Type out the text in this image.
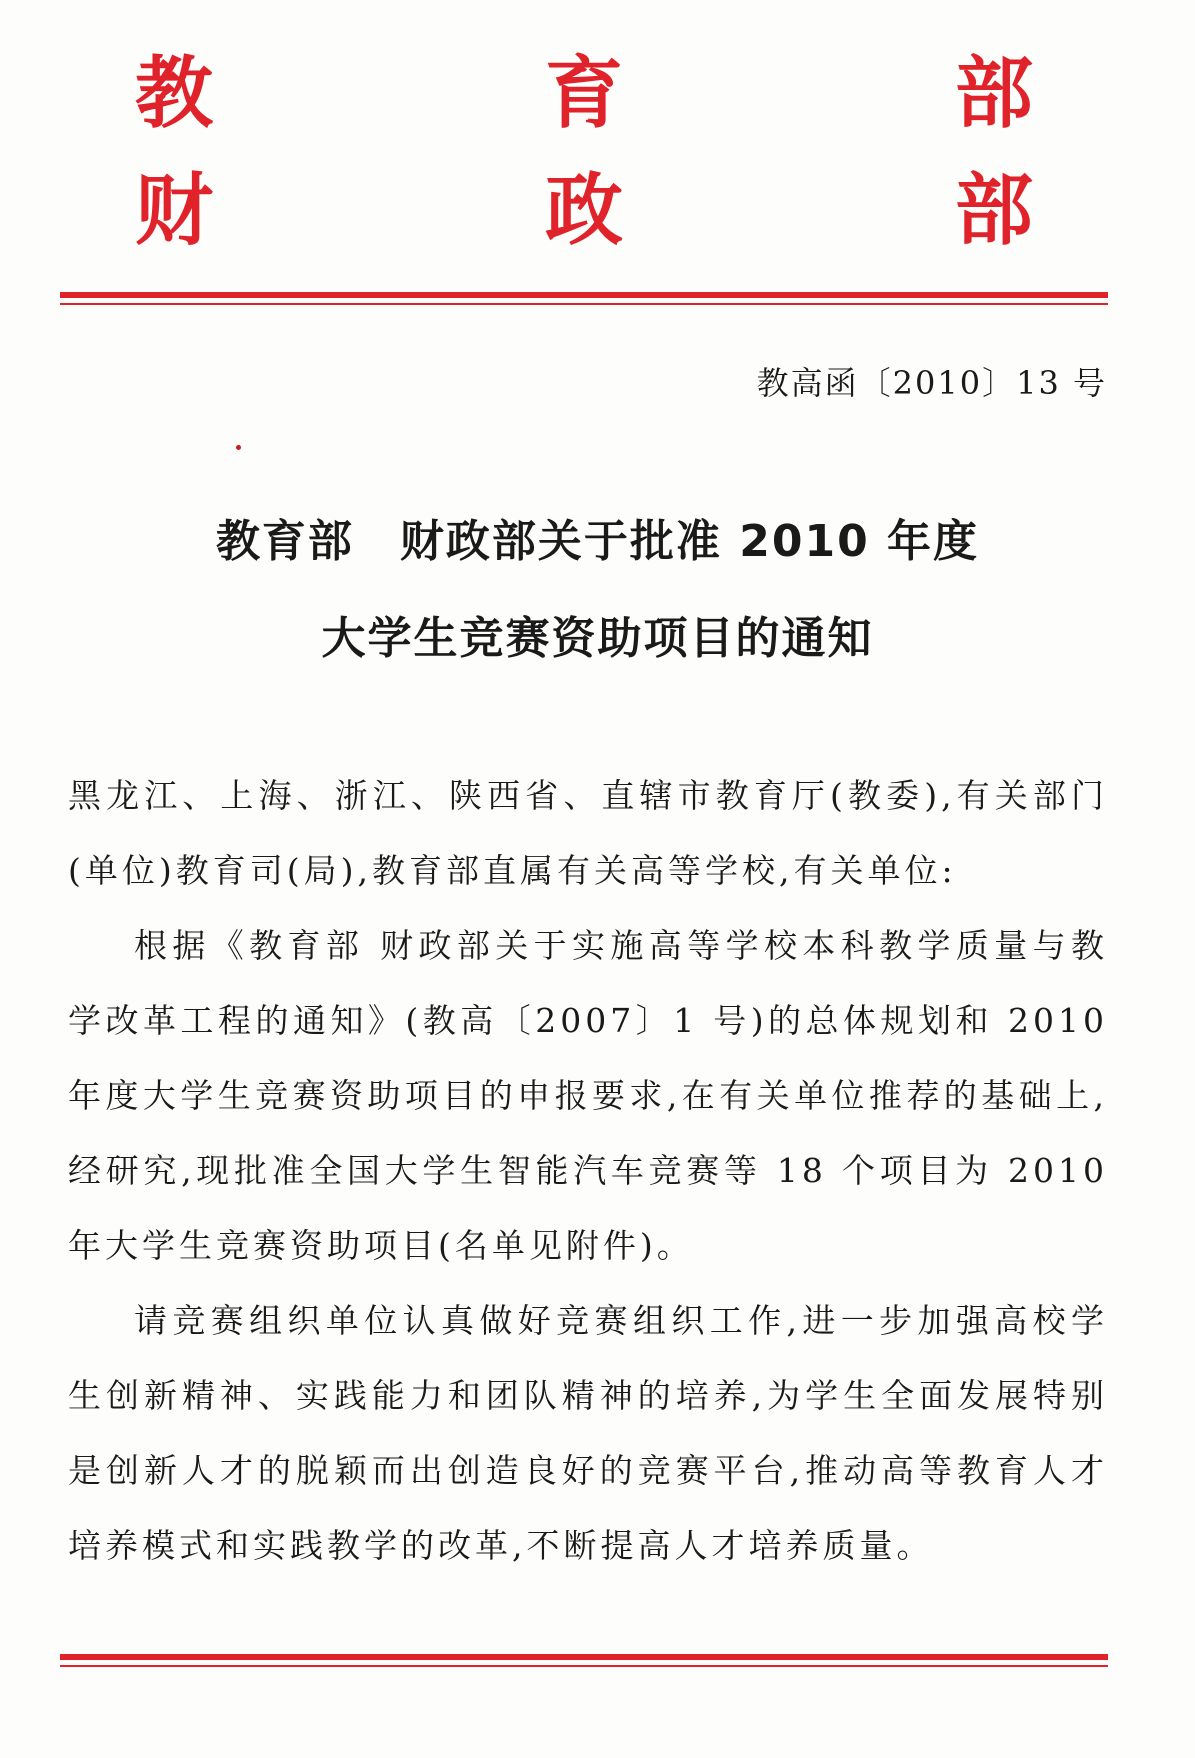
教	育	部
财	政	部
教高函〔2010〕13 号
教育部　财政部关于批准 2010 年度
大学生竞赛资助项目的通知
黑龙江、上海、浙江、陕西省、直辖市教育厅(教委),有关部门(单位)教育司(局),教育部直属有关高等学校,有关单位:
根据《教育部 财政部关于实施高等学校本科教学质量与教学改革工程的通知》(教高〔2007〕1 号)的总体规划和 2010 年度大学生竞赛资助项目的申报要求,在有关单位推荐的基础上,经研究,现批准全国大学生智能汽车竞赛等 18 个项目为 2010 年大学生竞赛资助项目(名单见附件)。
请竞赛组织单位认真做好竞赛组织工作,进一步加强高校学生创新精神、实践能力和团队精神的培养,为学生全面发展特别是创新人才的脱颖而出创造良好的竞赛平台,推动高等教育人才培养模式和实践教学的改革,不断提高人才培养质量。
